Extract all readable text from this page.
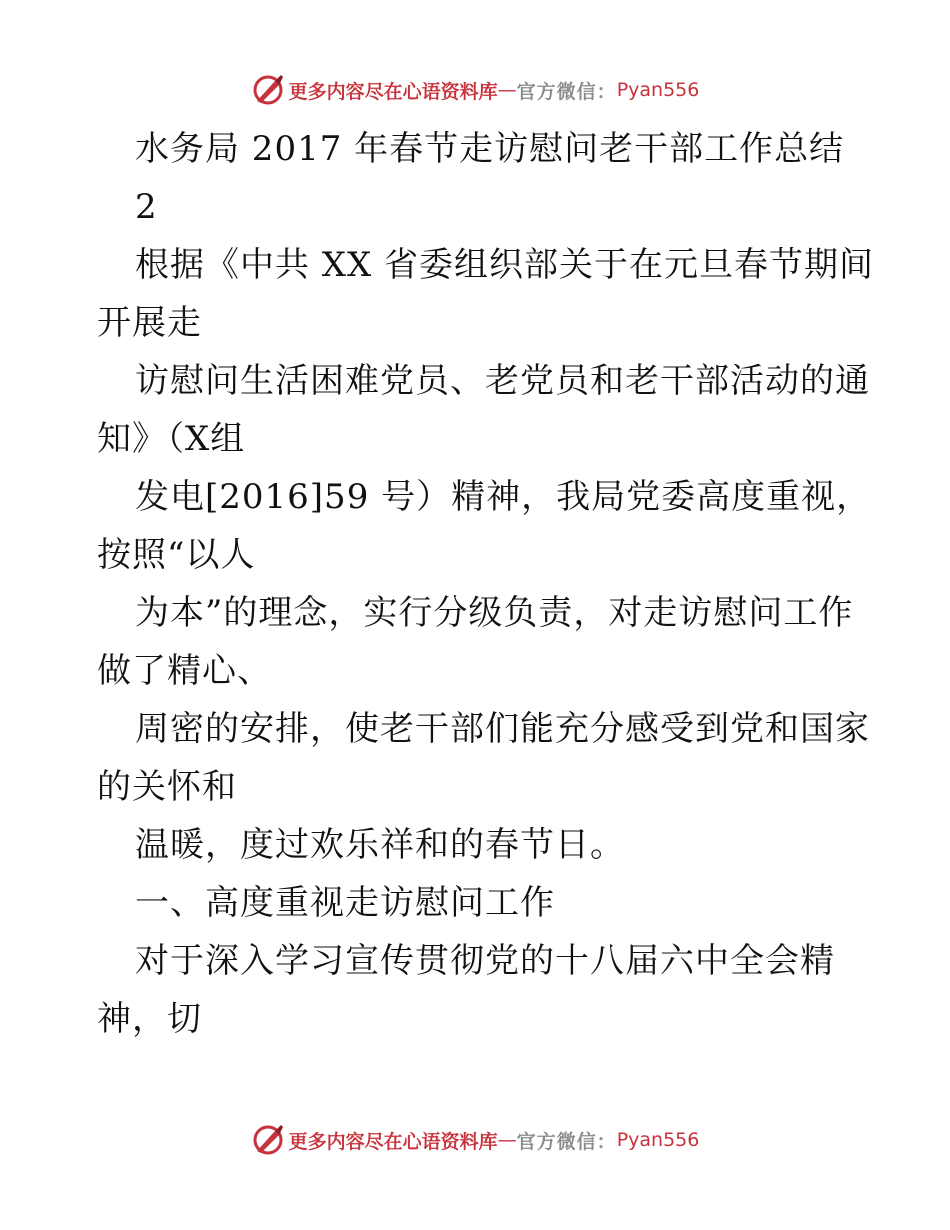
更多内容尽在心语资料库 — 官方微信： Pyan556
水务局 2017 年春节走访慰问老干部工作总结
2
根据《中共 XX 省委组织部关于在元旦春节期间
开展走
访慰问生活困难党员、老党员和老干部活动的通
知》（X组
发电[2016]59 号）精神，我局党委高度重视，
按照“以人
为本”的理念，实行分级负责，对走访慰问工作
做了精心、
周密的安排，使老干部们能充分感受到党和国家
的关怀和
温暖，度过欢乐祥和的春节日。
一、高度重视走访慰问工作
对于深入学习宣传贯彻党的十八届六中全会精
神，切
更多内容尽在心语资料库 — 官方微信： Pyan556
